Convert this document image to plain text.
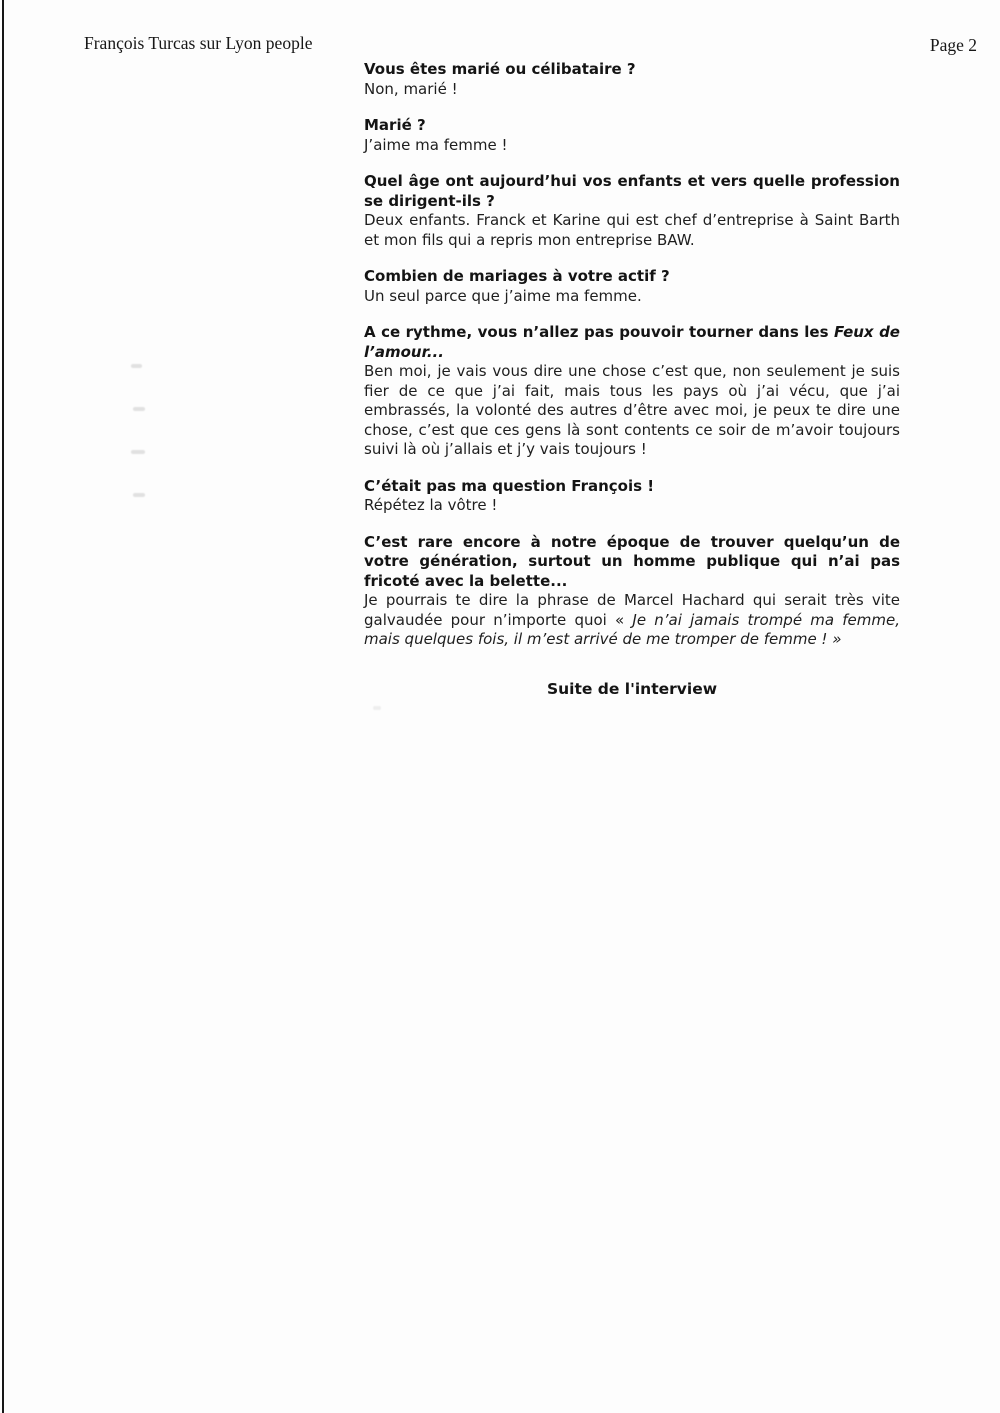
François Turcas sur Lyon people	Page 2

Vous êtes marié ou célibataire ?

Non, marié !

Marié ?

J’aime ma femme !

Quel âge ont aujourd’hui vos enfants et vers quelle profession se dirigent-ils ?

Deux enfants. Franck et Karine qui est chef d’entreprise à Saint Barth et mon fils qui a repris mon entreprise BAW.

Combien de mariages à votre actif ?

Un seul parce que j’aime ma femme.

A ce rythme, vous n’allez pas pouvoir tourner dans les Feux de l’amour...

Ben moi, je vais vous dire une chose c’est que, non seulement je suis fier de ce que j’ai fait, mais tous les pays où j’ai vécu, que j’ai embrassés, la volonté des autres d’être avec moi, je peux te dire une chose, c’est que ces gens là sont contents ce soir de m’avoir toujours suivi là où j’allais et j’y vais toujours !

C’était pas ma question François !

Répétez la vôtre !

C’est rare encore à notre époque de trouver quelqu’un de votre génération, surtout un homme publique qui n’ai pas fricoté avec la belette...

Je pourrais te dire la phrase de Marcel Hachard qui serait très vite galvaudée pour n’importe quoi « Je n’ai jamais trompé ma femme, mais quelques fois, il m’est arrivé de me tromper de femme ! »

Suite de l'interview
